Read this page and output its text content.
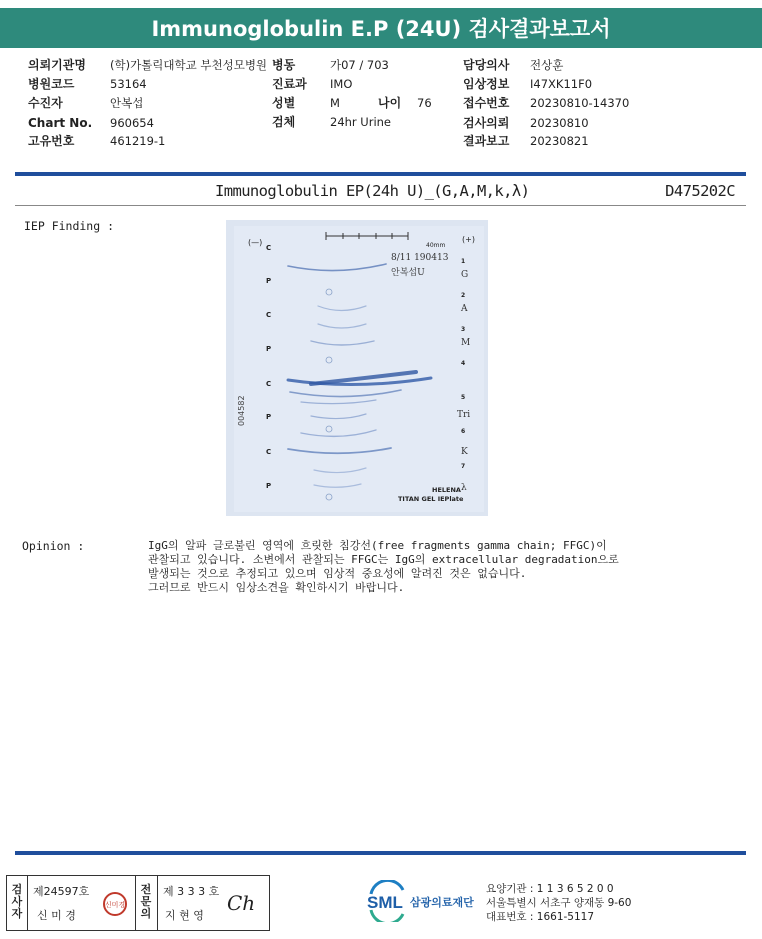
Immunoglobulin E.P (24U) 검사결과보고서
의뢰기관명 (학)가톨릭대학교 부천성모병원 병동	가07 / 703	담당의사 전상훈
병원코드	53164	진료과 IMO	임상정보 I47XK11F0
수진자	안복섭	성별	M	나이 76	접수번호 20230810-14370
Chart No. 960654	검체	24hr Urine	검사의뢰 20230810
고유번호	461219-1	결과보고 20230821
Immunoglobulin EP(24h U)_(G,A,M,k,λ)	D475202C
IEP Finding :
(—)	(+)
40mm
8/11 190413
안복섭U
C
P
C
P
C
P
C
P
1
2
3
4
5
6
7
G
A
M
Tri
K
λ
HELENA
TITAN GEL IEPlate
004582
Opinion :	IgG의 알파 글로불린 영역에 흐릿한 침강선(free fragments gamma chain; FFGC)이
관찰되고 있습니다. 소변에서 관찰되는 FFGC는 IgG의 extracellular degradation으로
발생되는 것으로 추정되고 있으며 임상적 중요성에 알려진 것은 없습니다.
그러므로 반드시 임상소견을 확인하시기 바랍니다.
검
사
자
제24597호
신 미 경
신미경
전
문
의
제 3 3 3 호
지 현 영
Ch	SML 삼광의료재단
요양기관 : 1 1 3 6 5 2 0 0
서울특별시 서초구 양재동 9-60
대표번호 : 1661-5117
